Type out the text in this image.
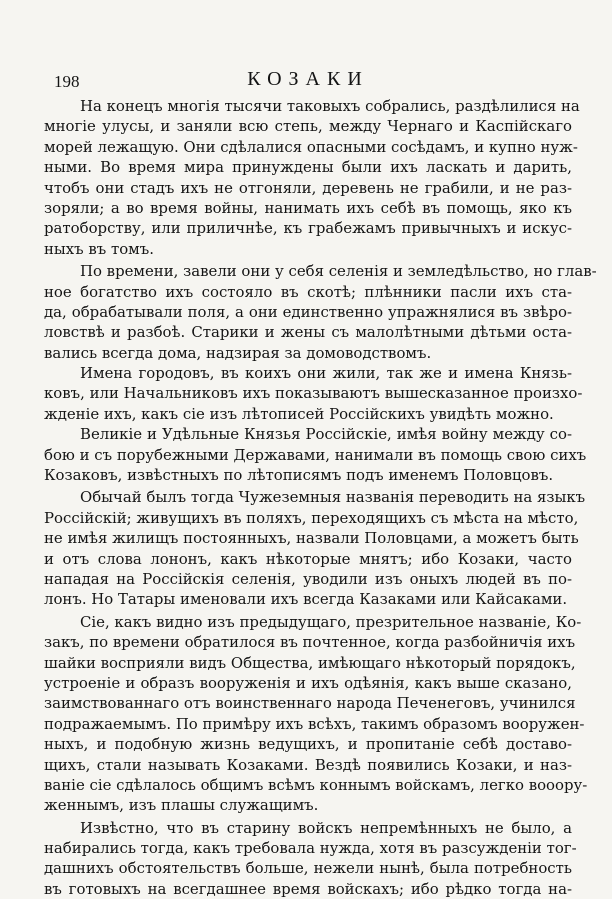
198	КОЗАКИ
На конецъ многія тысячи таковыхъ собрались, раздѣлилися на
многіе улусы, и заняли всю степь, между Чернаго и Каспійскаго
морей лежащую. Они сдѣлалися опасными сосѣдамъ, и купно нуж-
ными. Во время мира принуждены были ихъ ласкать и дарить,
чтобъ они стадъ ихъ не отгоняли, деревень не грабили, и не раз-
зоряли; а во время войны, нанимать ихъ себѣ въ помощь, яко къ
ратоборству, или приличнѣе, къ грабежамъ привычныхъ и искус-
ныхъ въ томъ.
По времени, завели они у себя селенія и земледѣльство, но глав-
ное богатство ихъ состояло въ скотѣ; плѣнники пасли ихъ ста-
да, обрабатывали поля, а они единственно упражнялися въ звѣро-
ловствѣ и разбоѣ. Старики и жены съ малолѣтными дѣтьми оста-
вались всегда дома, надзирая за домоводствомъ.
Имена городовъ, въ коихъ они жили, так же и имена Князь-
ковъ, или Начальниковъ ихъ показываютъ вышесказанное произхо-
жденіе ихъ, какъ сіе изъ лѣтописей Россійскихъ увидѣть можно.
Великіе и Удѣльные Князья Россійскіе, имѣя войну между со-
бою и съ порубежными Державами, нанимали въ помощь свою сихъ
Козаковъ, извѣстныхъ по лѣтописямъ подъ именемъ Половцовъ.
Обычай былъ тогда Чужеземныя названія переводить на языкъ
Россійскій; живущихъ въ поляхъ, переходящихъ съ мѣста на мѣсто,
не имѣя жилищъ постоянныхъ, назвали Половцами, а можетъ быть
и отъ слова лононъ, какъ нѣкоторые мнятъ; ибо Козаки, часто
нападая на Россійскія селенія, уводили изъ оныхъ людей въ по-
лонъ. Но Татары именовали ихъ всегда Казаками или Кайсаками.
Сіе, какъ видно изъ предыдущаго, презрительное названіе, Ко-
закъ, по времени обратилося въ почтенное, когда разбойничія ихъ
шайки восприяли видъ Общества, имѣющаго нѣкоторый порядокъ,
устроеніе и образъ вооруженія и ихъ одѣянія, какъ выше сказано,
заимствованнаго отъ воинственнаго народа Печенеговъ, учинился
подражаемымъ. По примѣру ихъ всѣхъ, такимъ образомъ вооружен-
ныхъ, и подобную жизнь ведущихъ, и пропитаніе себѣ доставо-
щихъ, стали называть Козаками. Вездѣ появились Козаки, и наз-
ваніе сіе сдѣлалось общимъ всѣмъ коннымъ войскамъ, легко вооору-
женнымъ, изъ плашы служащимъ.
Извѣстно, что въ старину войскъ непремѣнныхъ не было, а
набирались тогда, какъ требовала нужда, хотя въ разсужденіи тог-
дашнихъ обстоятельствъ больше, нежели нынѣ, была потребность
въ готовыхъ на всегдашнее время войскахъ; ибо рѣдко тогда на-
